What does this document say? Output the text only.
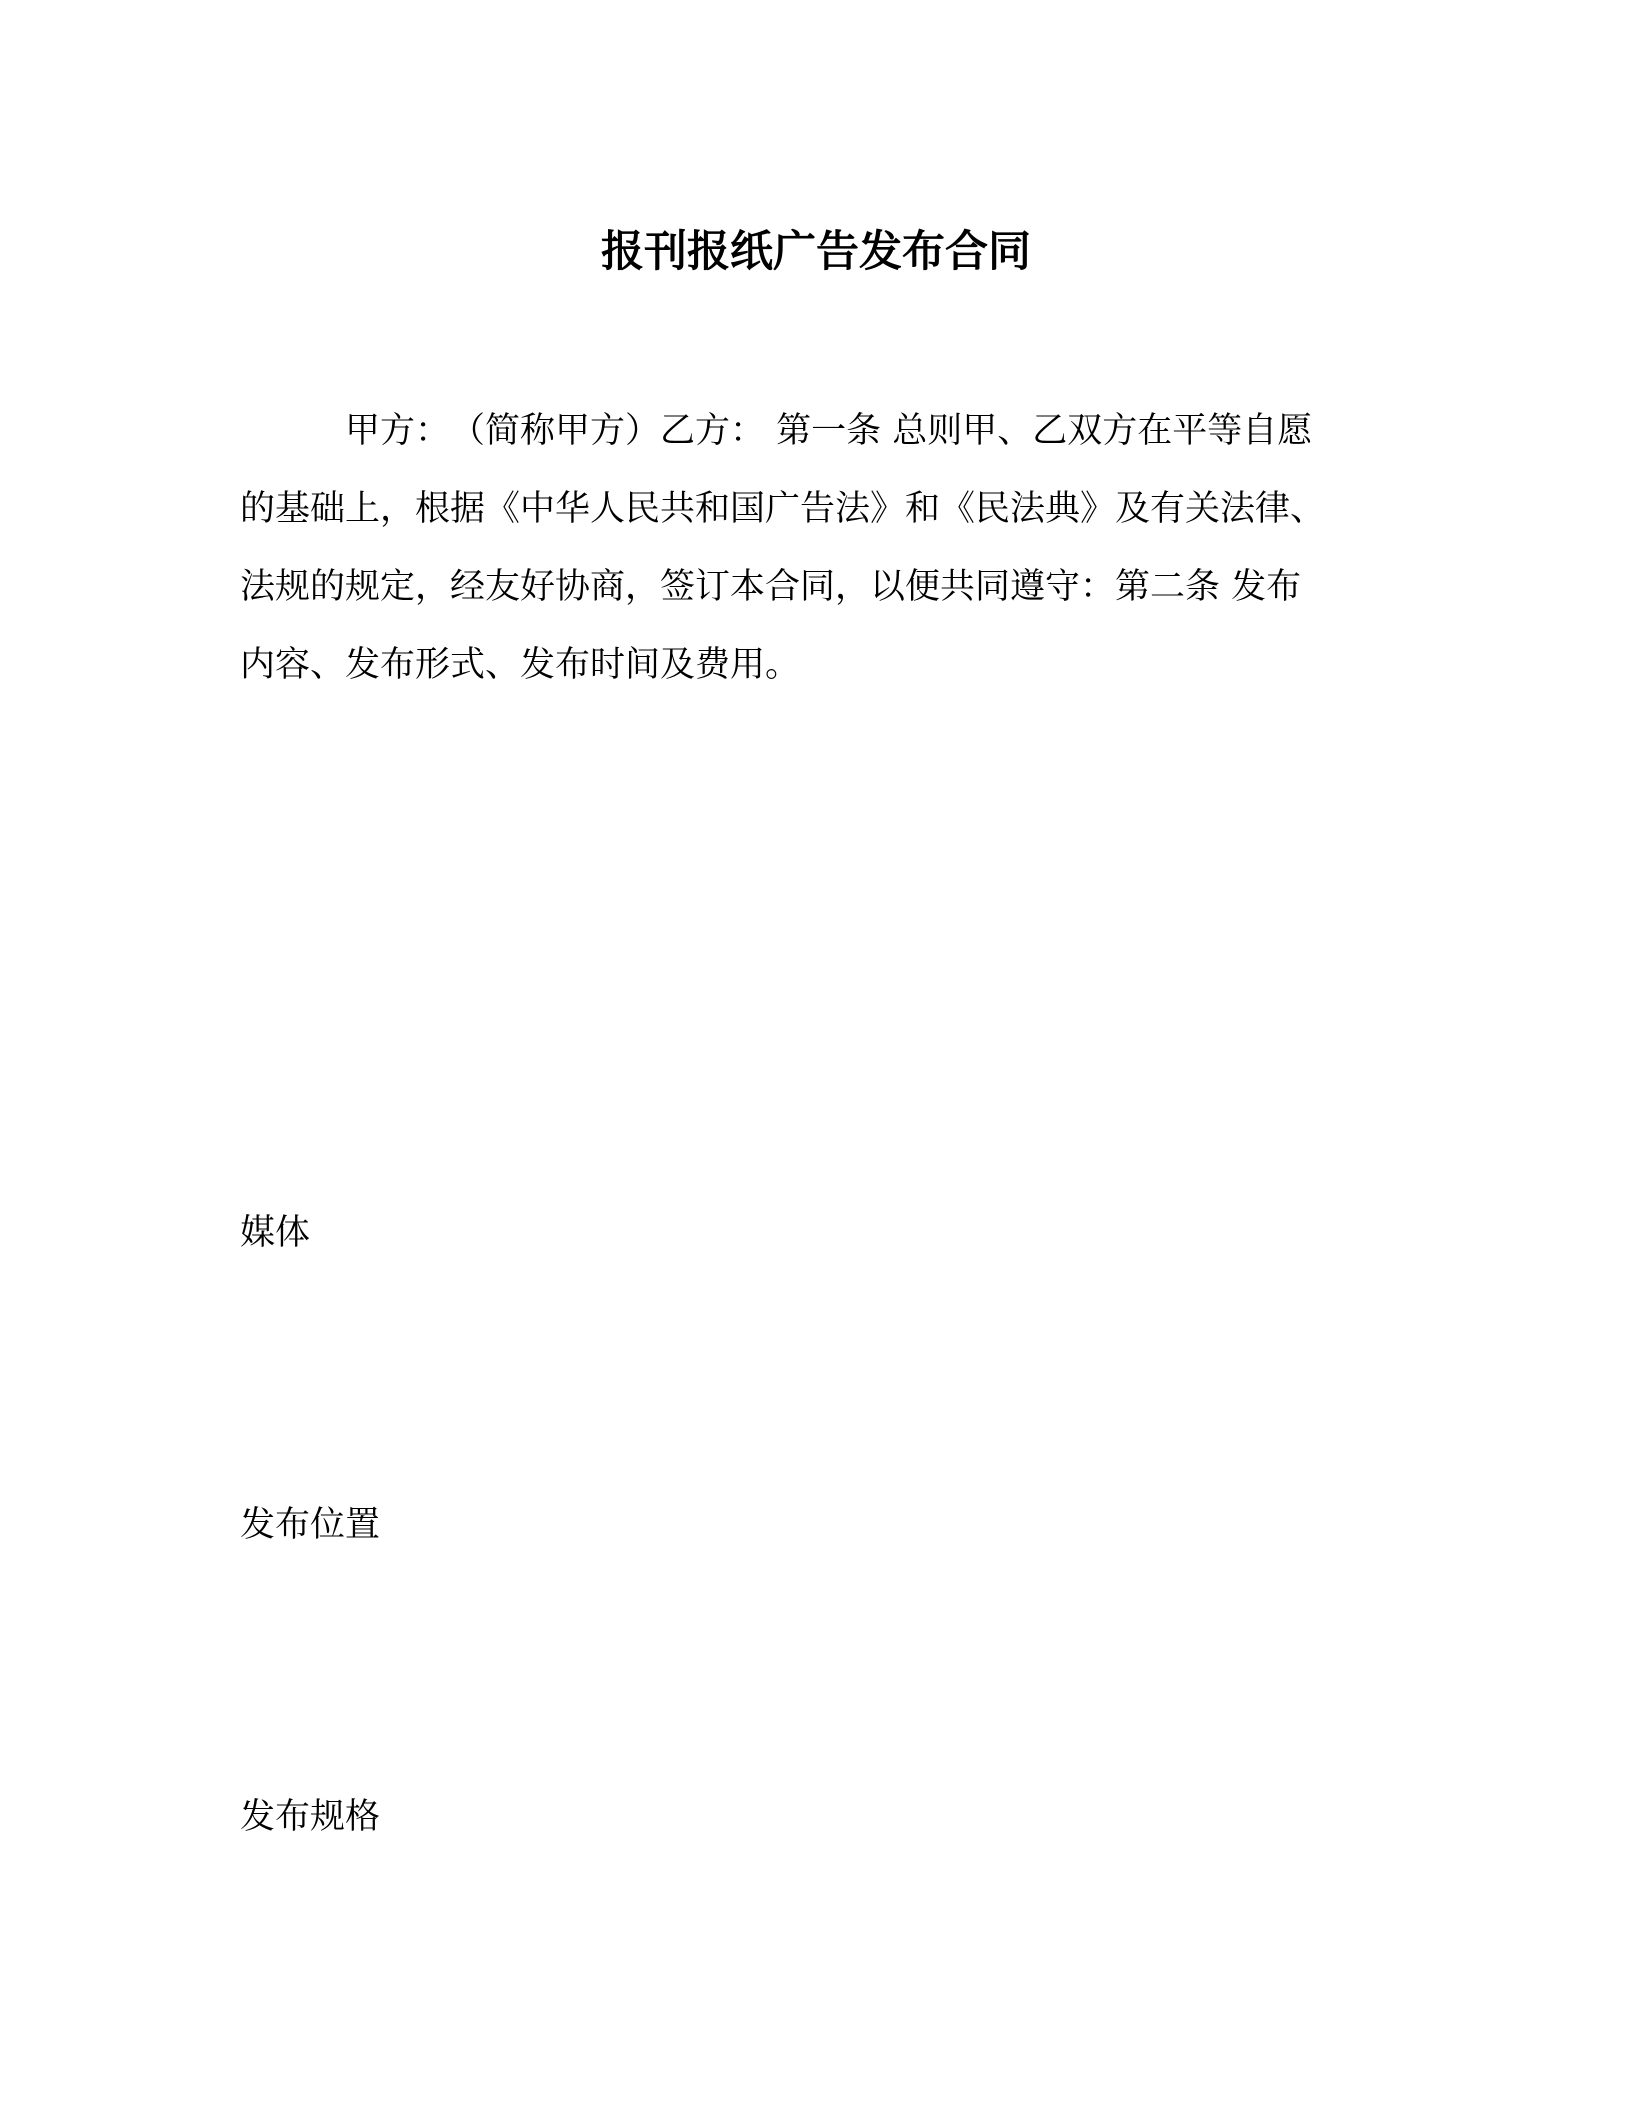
报刊报纸广告发布合同
甲方：　（简称甲方）乙方： 第一条 总则甲、乙双方在平等自愿
的基础上，根据《中华人民共和国广告法》和《民法典》及有关法律、
法规的规定，经友好协商，签订本合同，以便共同遵守：第二条 发布
内容、发布形式、发布时间及费用。
媒体
发布位置
发布规格
